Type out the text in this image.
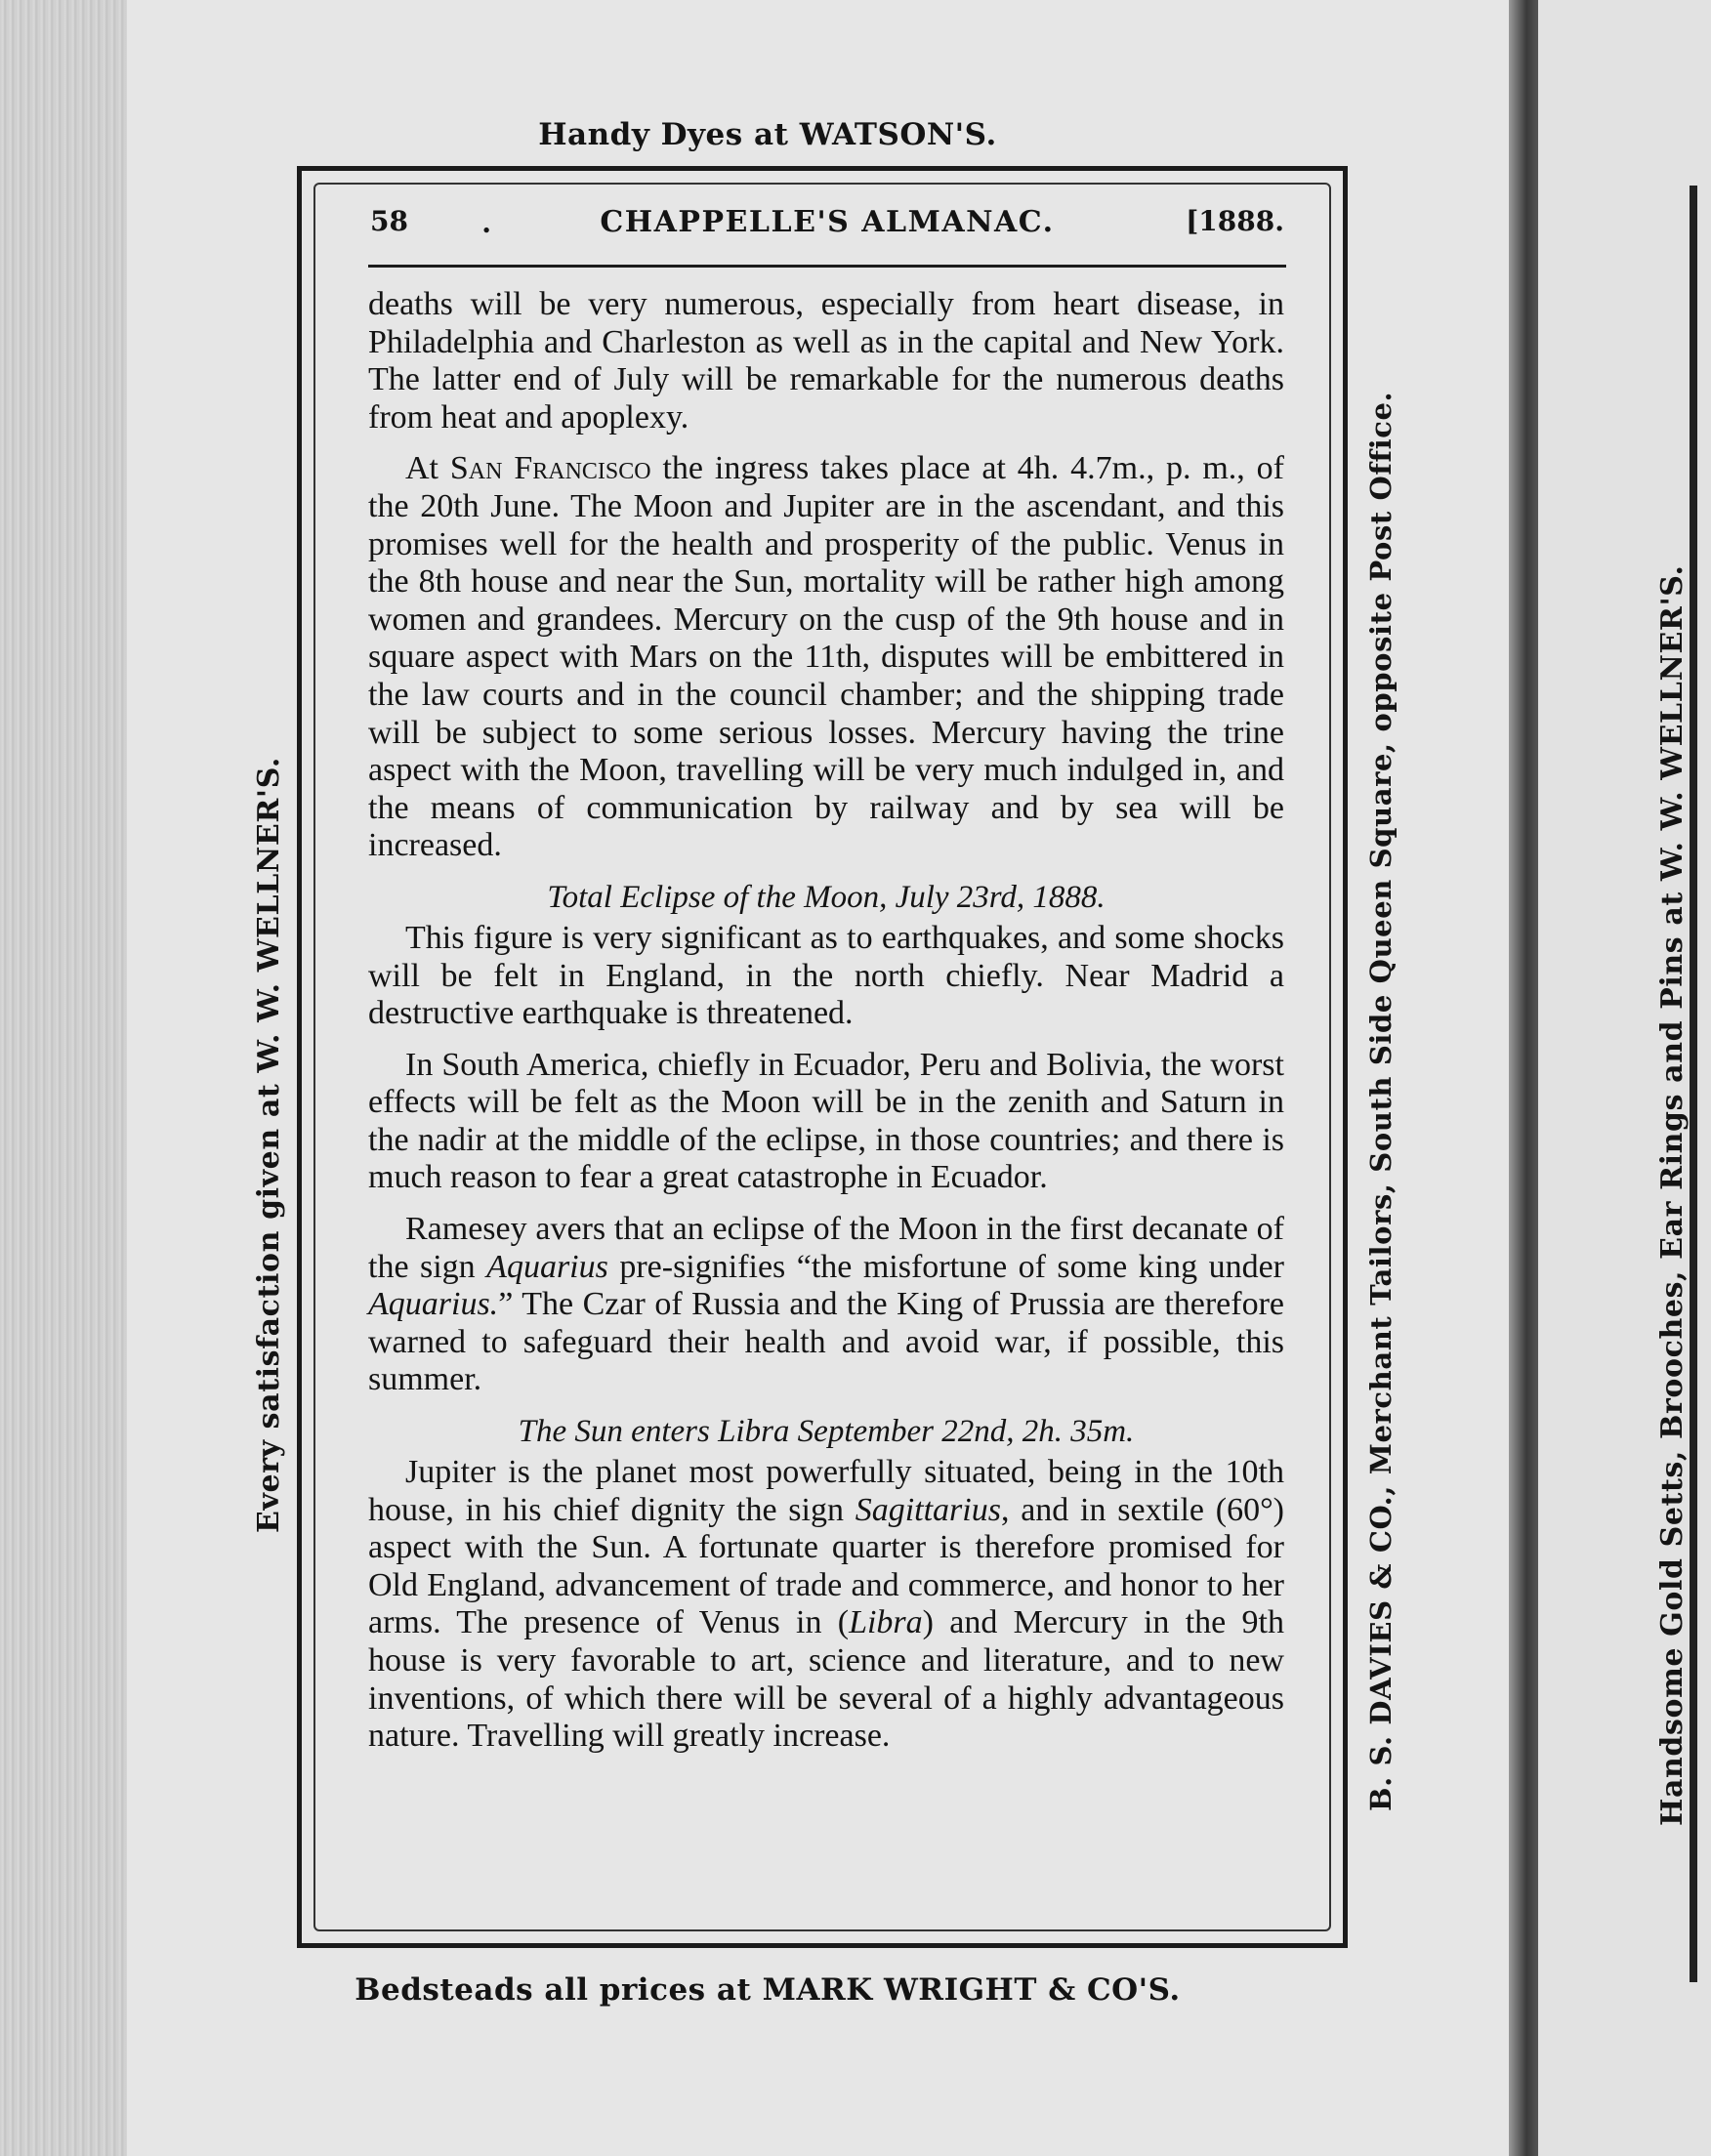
Handy Dyes at WATSON'S.
Every satisfaction given at W. W. WELLNER'S.	B. S. DAVIES & CO., Merchant Tailors, South Side Queen Square, opposite Post Office.	Handsome Gold Setts, Brooches, Ear Rings and Pins at W. W. WELLNER'S.
58 .	CHAPPELLE'S ALMANAC.	[1888.

deaths will be very numerous, especially from heart disease, in Philadelphia and Charleston as well as in the capital and New York. The latter end of July will be remarkable for the numerous deaths from heat and apoplexy.

At San Francisco the ingress takes place at 4h. 4.7m., p. m., of the 20th June. The Moon and Jupiter are in the ascendant, and this promises well for the health and prosperity of the public. Venus in the 8th house and near the Sun, mortality will be rather high among women and grandees. Mercury on the cusp of the 9th house and in square aspect with Mars on the 11th, disputes will be embittered in the law courts and in the council chamber; and the shipping trade will be subject to some serious losses. Mercury having the trine aspect with the Moon, travelling will be very much indulged in, and the means of communication by railway and by sea will be increased.

Total Eclipse of the Moon, July 23rd, 1888.

This figure is very significant as to earthquakes, and some shocks will be felt in England, in the north chiefly. Near Madrid a destructive earthquake is threatened.

In South America, chiefly in Ecuador, Peru and Bolivia, the worst effects will be felt as the Moon will be in the zenith and Saturn in the nadir at the middle of the eclipse, in those countries; and there is much reason to fear a great catastrophe in Ecuador.

Ramesey avers that an eclipse of the Moon in the first decanate of the sign Aquarius pre-signifies “the misfortune of some king under Aquarius.” The Czar of Russia and the King of Prussia are therefore warned to safeguard their health and avoid war, if possible, this summer.

The Sun enters Libra September 22nd, 2h. 35m.

Jupiter is the planet most powerfully situated, being in the 10th house, in his chief dignity the sign Sagittarius, and in sextile (60°) aspect with the Sun. A fortunate quarter is therefore promised for Old England, advancement of trade and commerce, and honor to her arms. The presence of Venus in (Libra) and Mercury in the 9th house is very favorable to art, science and literature, and to new inventions, of which there will be several of a highly advantageous nature. Travelling will greatly increase.

Bedsteads all prices at MARK WRIGHT & CO'S.
